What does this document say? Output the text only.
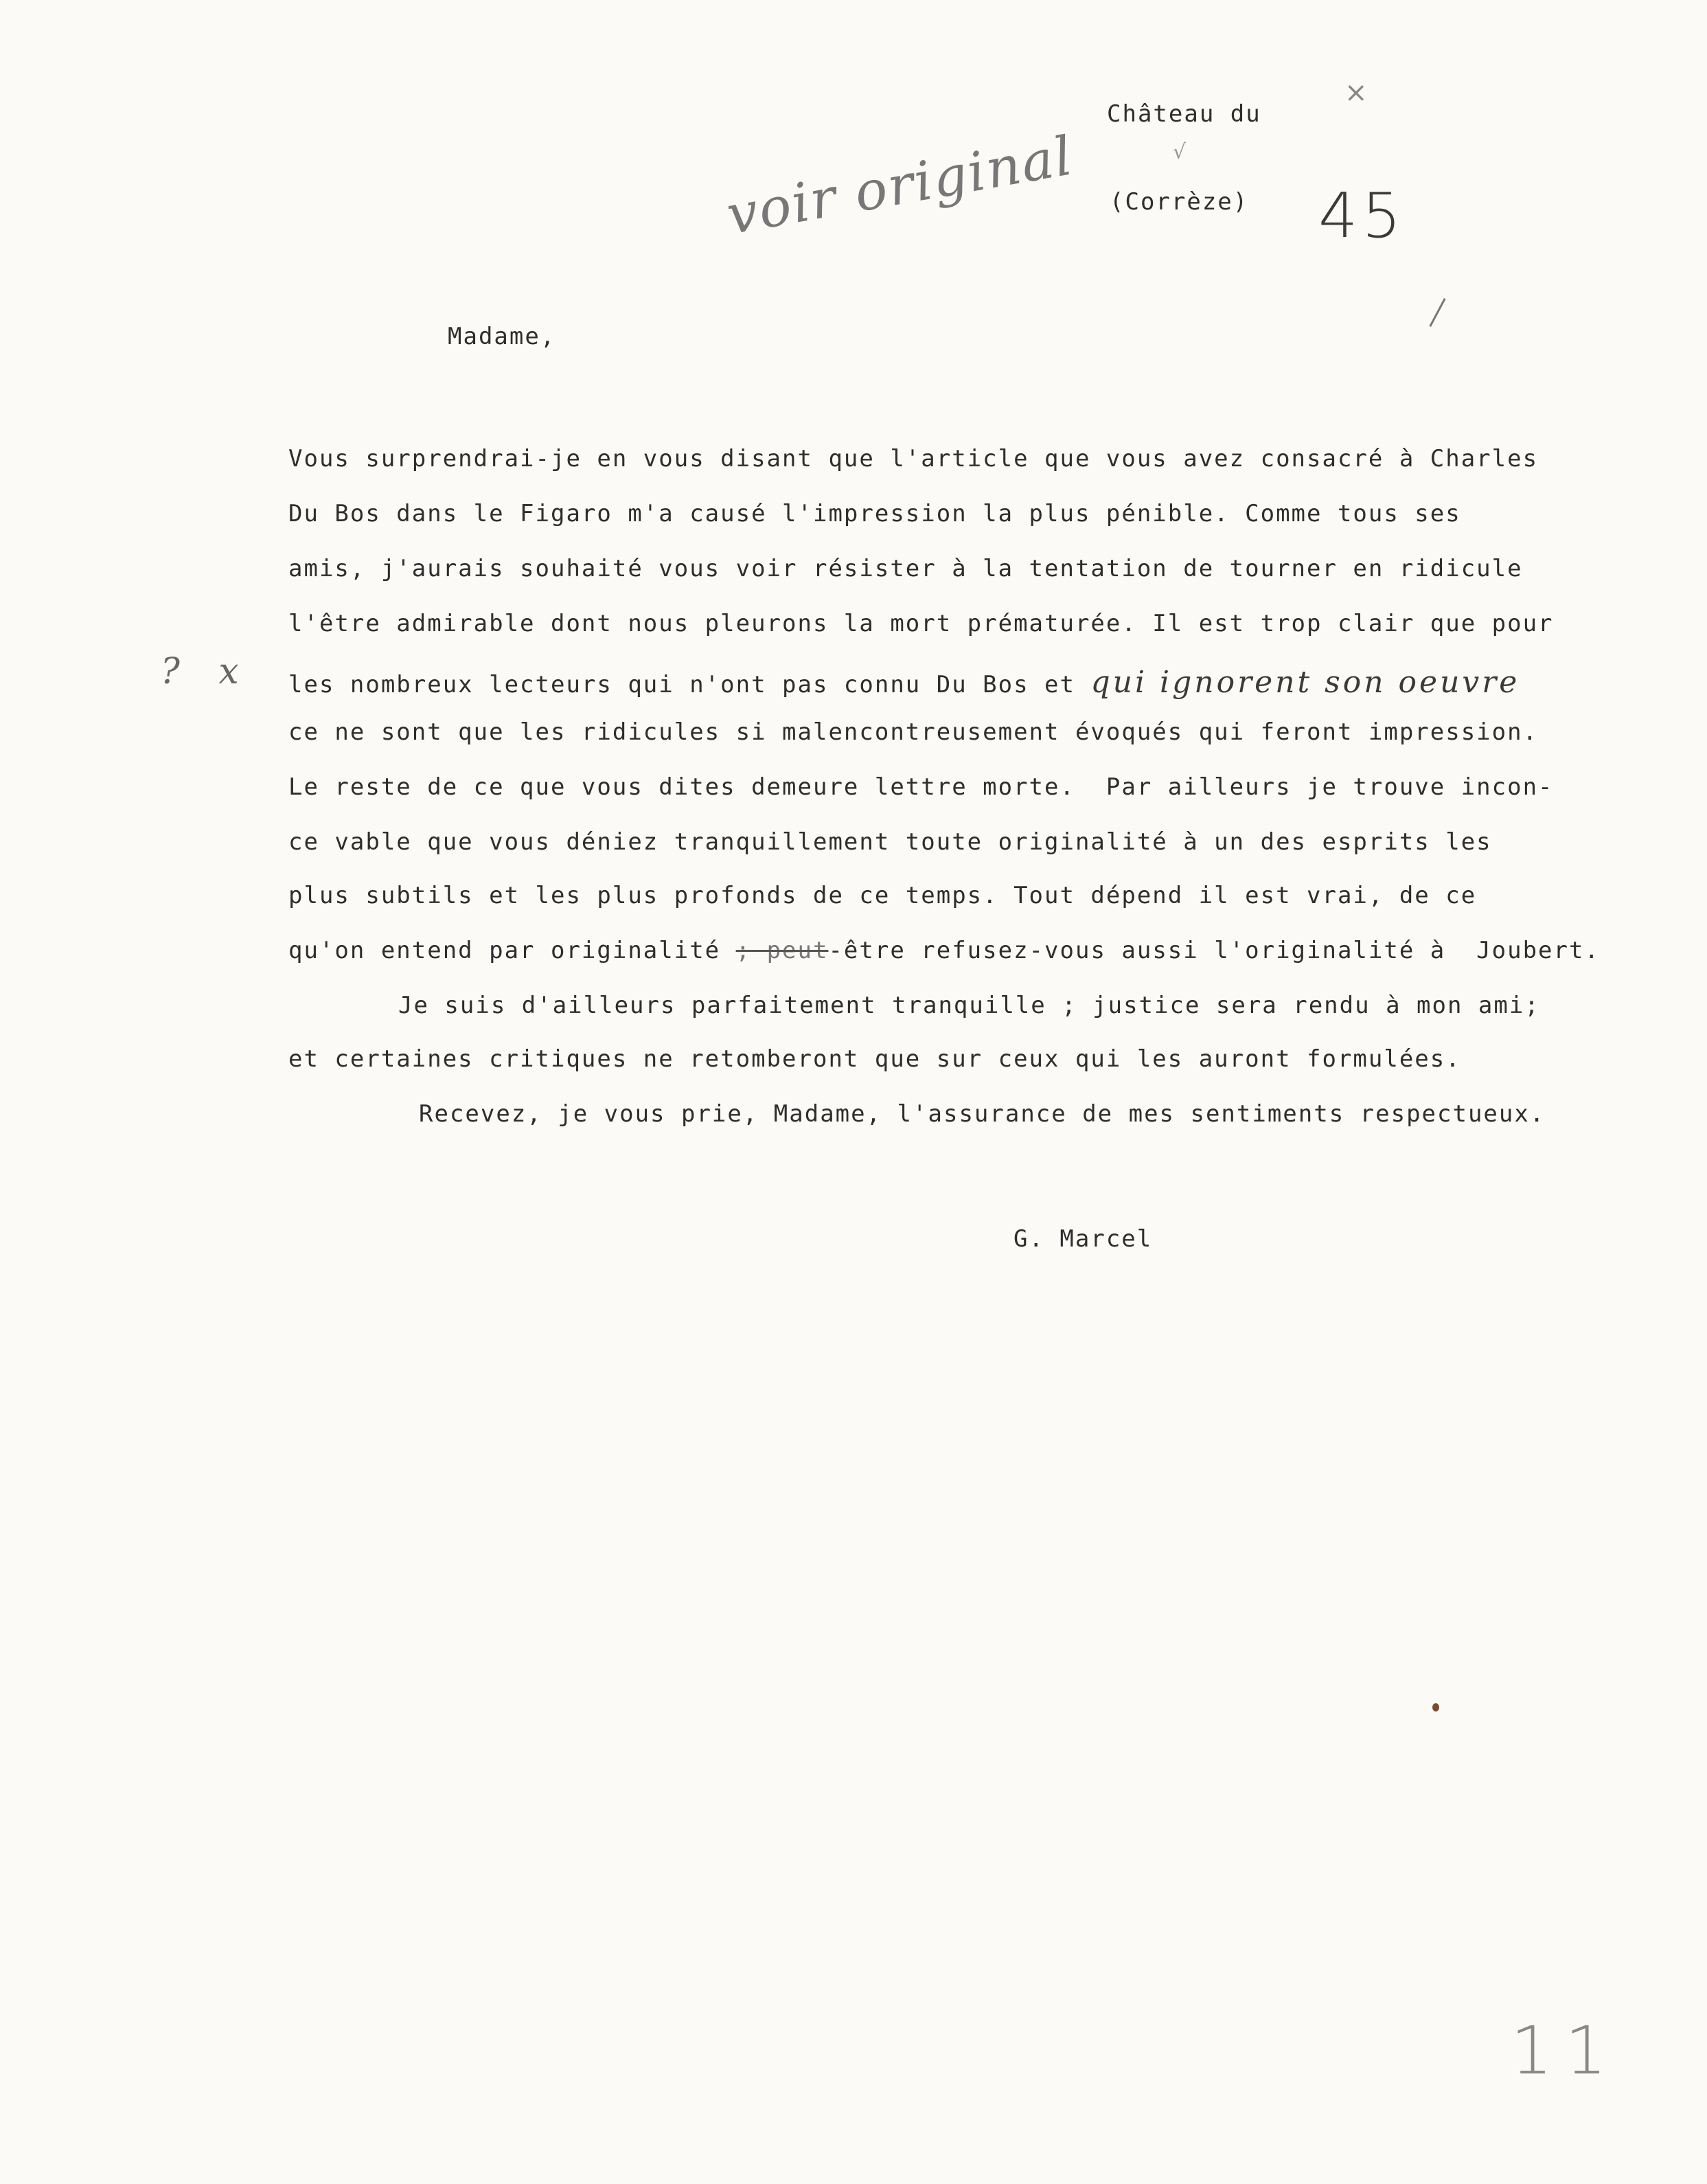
Château du
√
×
(Corrèze)
voir original	45
Madame,
Vous surprendrai-je en vous disant que l'article que vous avez consacré à Charles
Du Bos dans le Figaro m'a causé l'impression la plus pénible. Comme tous ses
amis, j'aurais souhaité vous voir résister à la tentation de tourner en ridicule
l'être admirable dont nous pleurons la mort prématurée. Il est trop clair que pour
les nombreux lecteurs qui n'ont pas connu Du Bos et qui ignorent son oeuvre
ce ne sont que les ridicules si malencontreusement évoqués qui feront impression.
Le reste de ce que vous dites demeure lettre morte.  Par ailleurs je trouve incon-
ce vable que vous déniez tranquillement toute originalité à un des esprits les
plus subtils et les plus profonds de ce temps. Tout dépend il est vrai, de ce
qu'on entend par originalité ; peut-être refusez-vous aussi l'originalité à  Joubert.
Je suis d'ailleurs parfaitement tranquille ; justice sera rendu à mon ami;
et certaines critiques ne retomberont que sur ceux qui les auront formulées.
Recevez, je vous prie, Madame, l'assurance de mes sentiments respectueux.
G. Marcel
? x
11
